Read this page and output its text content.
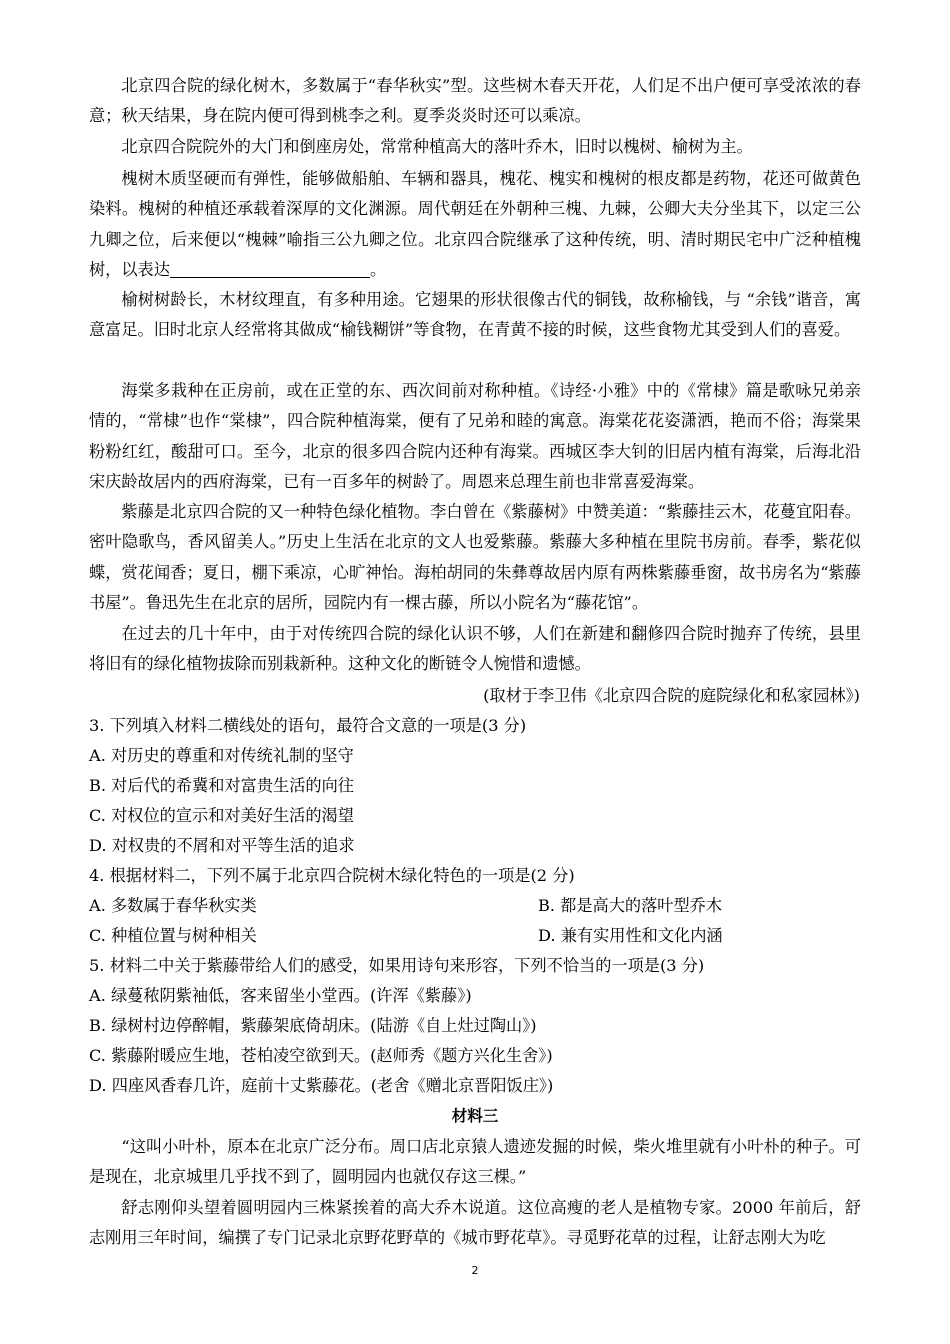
北京四合院的绿化树木，多数属于“春华秋实”型。这些树木春天开花，人们足不出户便可享受浓浓的春意；秋天结果，身在院内便可得到桃李之利。夏季炎炎时还可以乘凉。

北京四合院院外的大门和倒座房处，常常种植高大的落叶乔木，旧时以槐树、榆树为主。

槐树木质坚硬而有弹性，能够做船舶、车辆和器具，槐花、槐实和槐树的根皮都是药物，花还可做黄色染料。槐树的种植还承载着深厚的文化渊源。周代朝廷在外朝种三槐、九棘，公卿大夫分坐其下，以定三公九卿之位，后来便以“槐棘”喻指三公九卿之位。北京四合院继承了这种传统，明、清时期民宅中广泛种植槐树，以表达	。

榆树树龄长，木材纹理直，有多种用途。它翅果的形状很像古代的铜钱，故称榆钱，与 “余钱”谐音，寓意富足。旧时北京人经常将其做成“榆钱糊饼”等食物，在青黄不接的时候，这些食物尤其受到人们的喜爱。

海棠多栽种在正房前，或在正堂的东、西次间前对称种植。《诗经·小雅》中的《常棣》篇是歌咏兄弟亲情的，“常棣”也作“棠棣”，四合院种植海棠，便有了兄弟和睦的寓意。海棠花花姿潇洒，艳而不俗；海棠果粉粉红红，酸甜可口。至今，北京的很多四合院内还种有海棠。西城区李大钊的旧居内植有海棠，后海北沿宋庆龄故居内的西府海棠，已有一百多年的树龄了。周恩来总理生前也非常喜爱海棠。

紫藤是北京四合院的又一种特色绿化植物。李白曾在《紫藤树》中赞美道：“紫藤挂云木，花蔓宜阳春。密叶隐歌鸟，香风留美人。”历史上生活在北京的文人也爱紫藤。紫藤大多种植在里院书房前。春季，紫花似蝶，赏花闻香；夏日，棚下乘凉，心旷神怡。海柏胡同的朱彝尊故居内原有两株紫藤垂窗，故书房名为“紫藤书屋”。鲁迅先生在北京的居所，园院内有一棵古藤，所以小院名为“藤花馆”。

在过去的几十年中，由于对传统四合院的绿化认识不够，人们在新建和翻修四合院时抛弃了传统，县里将旧有的绿化植物拔除而别栽新种。这种文化的断链令人惋惜和遗憾。

(取材于李卫伟《北京四合院的庭院绿化和私家园林》)
3. 下列填入材料二横线处的语句，最符合文意的一项是(3 分)
A. 对历史的尊重和对传统礼制的坚守
B. 对后代的希冀和对富贵生活的向往
C. 对权位的宣示和对美好生活的渴望
D. 对权贵的不屑和对平等生活的追求
4. 根据材料二，下列不属于北京四合院树木绿化特色的一项是(2 分)
A. 多数属于春华秋实类	B. 都是高大的落叶型乔木
C. 种植位置与树种相关	D. 兼有实用性和文化内涵
5. 材料二中关于紫藤带给人们的感受，如果用诗句来形容，下列不恰当的一项是(3 分)
A. 绿蔓秾阴紫袖低，客来留坐小堂西。(许浑《紫藤》)
B. 绿树村边停醉帽，紫藤架底倚胡床。(陆游《自上灶过陶山》)
C. 紫藤附暖应生地，苍柏凌空欲到天。(赵师秀《题方兴化生舍》)
D. 四座风香春几许，庭前十丈紫藤花。(老舍《赠北京晋阳饭庄》)
材料三

“这叫小叶朴，原本在北京广泛分布。周口店北京猿人遗迹发掘的时候，柴火堆里就有小叶朴的种子。可是现在，北京城里几乎找不到了，圆明园内也就仅存这三棵。”

舒志刚仰头望着圆明园内三株紧挨着的高大乔木说道。这位高瘦的老人是植物专家。2000 年前后，舒志刚用三年时间，编撰了专门记录北京野花野草的《城市野花草》。寻觅野花草的过程，让舒志刚大为吃

2
